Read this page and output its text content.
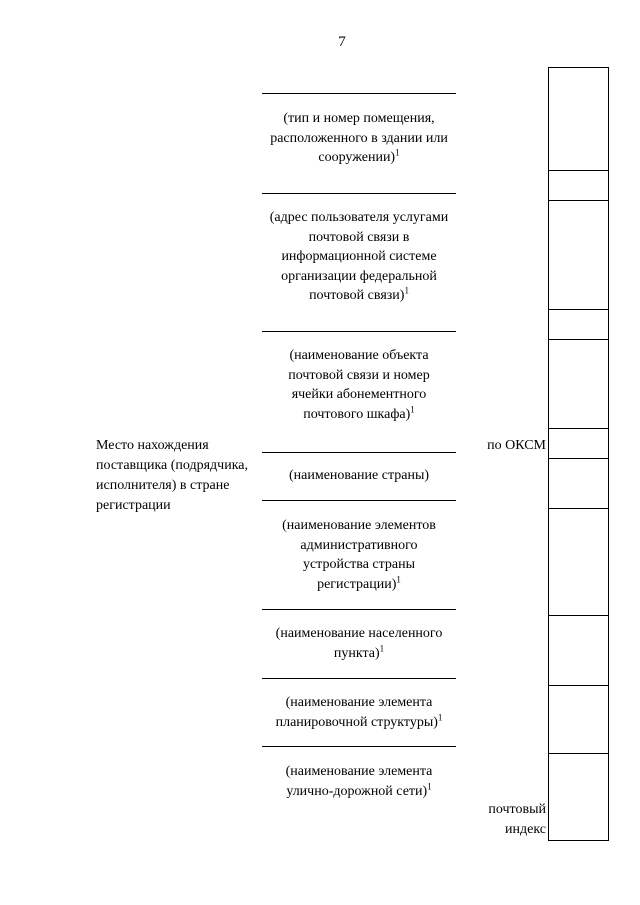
7
(тип и номер помещения,
расположенного в здании или
сооружении)$^1$
(адрес пользователя услугами
почтовой связи в
информационной системе
организации федеральной
почтовой связи)$^1$
(наименование объекта
почтовой связи и номер
ячейки абонементного
почтового шкафа)$^1$
(наименование страны)
(наименование элементов
административного
устройства страны
регистрации)$^1$
(наименование населенного
пункта)$^1$
(наименование элемента
планировочной структуры)$^1$
(наименование элемента
улично-дорожной сети)$^1$
Место нахождения поставщика (подрядчика, исполнителя) в стране регистрации
по ОКСМ
почтовый
индекс
